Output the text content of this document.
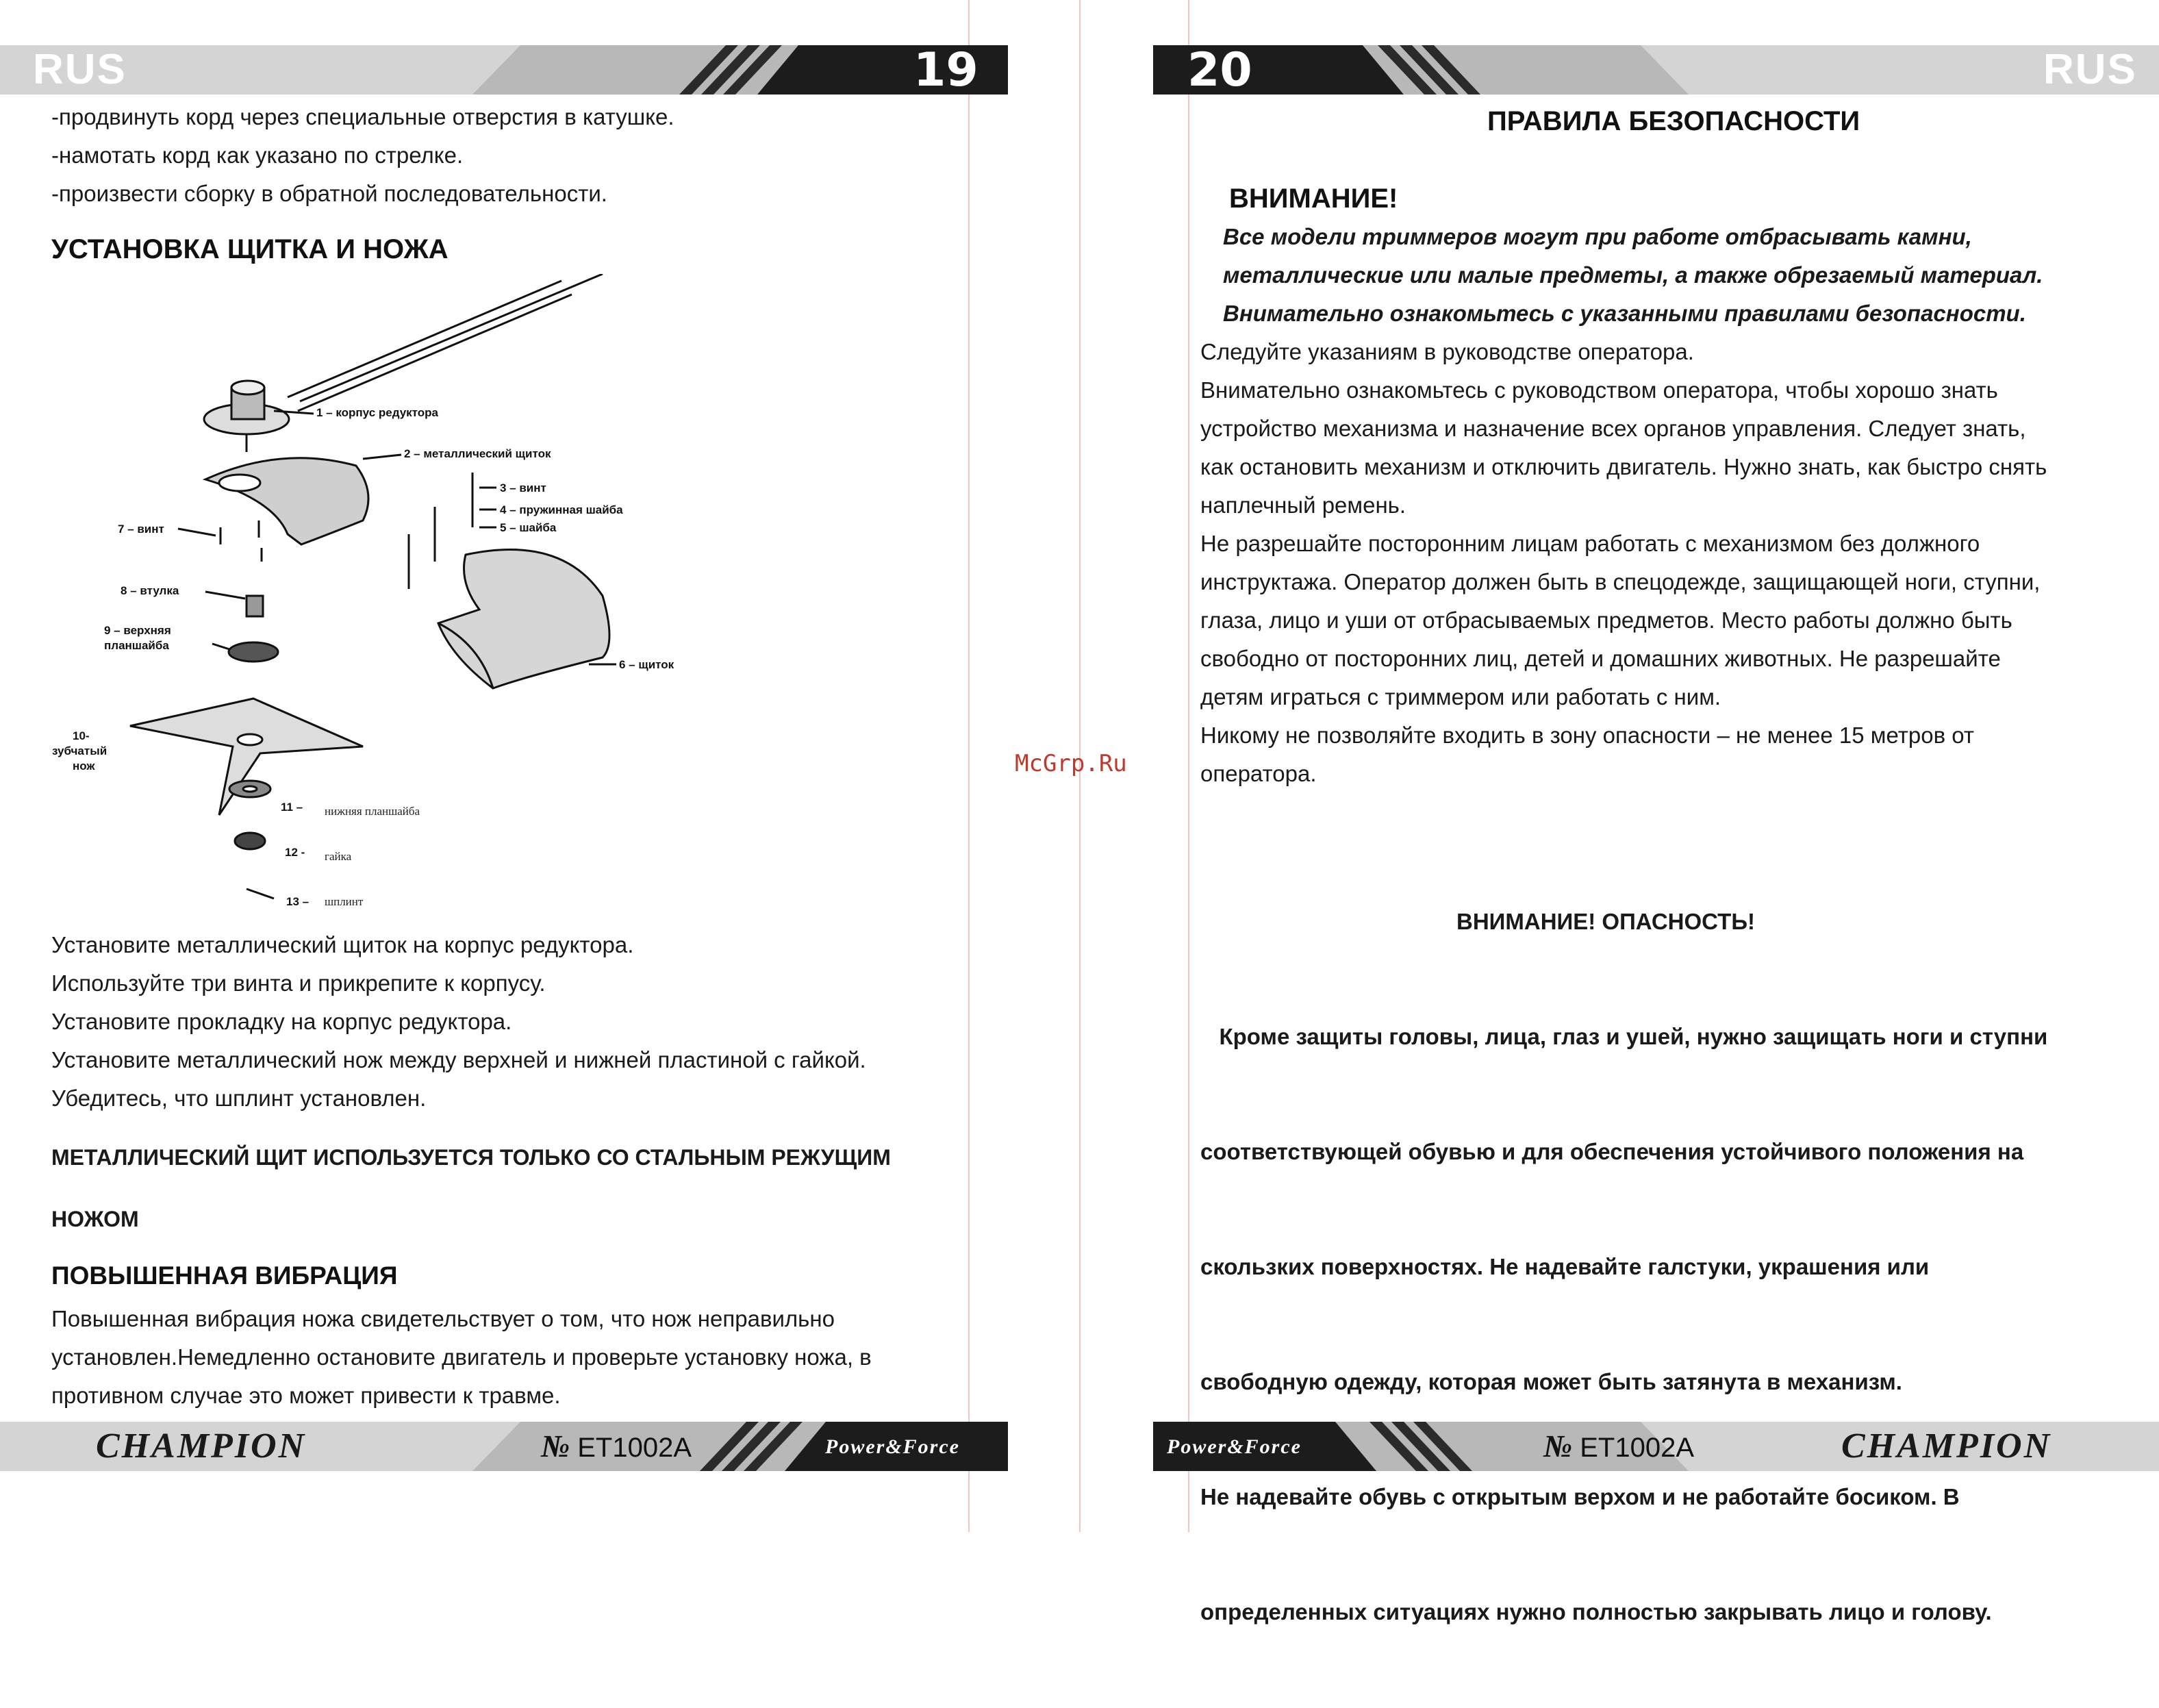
RUS	19

-продвинуть корд через специальные отверстия в катушке.

-намотать корд как указано по стрелке.

-произвести сборку в обратной последовательности.

УСТАНОВКА ЩИТКА И НОЖА
1 – корпус редуктора
2 – металлический щиток
3 – винт
4 – пружинная шайба
5 – шайба
6 – щиток
7 – винт
8 – втулка
9 – верхняя
планшайба
10-
зубчатый
нож
11 – нижняя планшайба
12 - гайка
13 – шплинт

Установите металлический щиток на корпус редуктора.

Используйте три винта и прикрепите к корпусу.

Установите прокладку на корпус редуктора.

Установите металлический нож между верхней и нижней пластиной с гайкой.

Убедитесь, что шплинт установлен.

МЕТАЛЛИЧЕСКИЙ ЩИТ ИСПОЛЬЗУЕТСЯ ТОЛЬКО СО СТАЛЬНЫМ РЕЖУЩИМ
НОЖОМ
ПОВЫШЕННАЯ ВИБРАЦИЯ

Повышенная вибрация ножа свидетельствует о том, что нож неправильно

установлен.Немедленно остановите двигатель и проверьте установку ножа, в

противном случае это может привести к травме.

CHAMPION	№ ET1002A	Power&Force
20	RUS
ПРАВИЛА БЕЗОПАСНОСТИ
ВНИМАНИЕ!

Все модели триммеров могут при работе отбрасывать камни,

металлические или малые предметы, а также обрезаемый материал.

Внимательно ознакомьтесь с указанными правилами безопасности.

Следуйте указаниям в руководстве оператора.

Внимательно ознакомьтесь с руководством оператора, чтобы хорошо знать

устройство механизма и назначение всех органов управления. Следует знать,

как остановить механизм и отключить двигатель. Нужно знать, как быстро снять

наплечный ремень.

Не разрешайте посторонним лицам работать с механизмом без должного

инструктажа. Оператор должен быть в спецодежде, защищающей ноги, ступни,

глаза, лицо и уши от отбрасываемых предметов. Место работы должно быть

свободно от посторонних лиц, детей и домашних животных. Не разрешайте

детям играться с триммером или работать с ним.

Никому не позволяйте входить в зону опасности – не менее 15 метров от

оператора.

ВНИМАНИЕ! ОПАСНОСТЬ!

Кроме защиты головы, лица, глаз и ушей, нужно защищать ноги и ступни

соответствующей обувью и для обеспечения устойчивого положения на

скользких поверхностях. Не надевайте галстуки, украшения или

свободную одежду, которая может быть затянута в механизм.

Не надевайте обувь с открытым верхом и не работайте босиком. В

определенных ситуациях нужно полностью закрывать лицо и голову.

Power&Force	№ ET1002A	CHAMPION
McGrp.Ru
